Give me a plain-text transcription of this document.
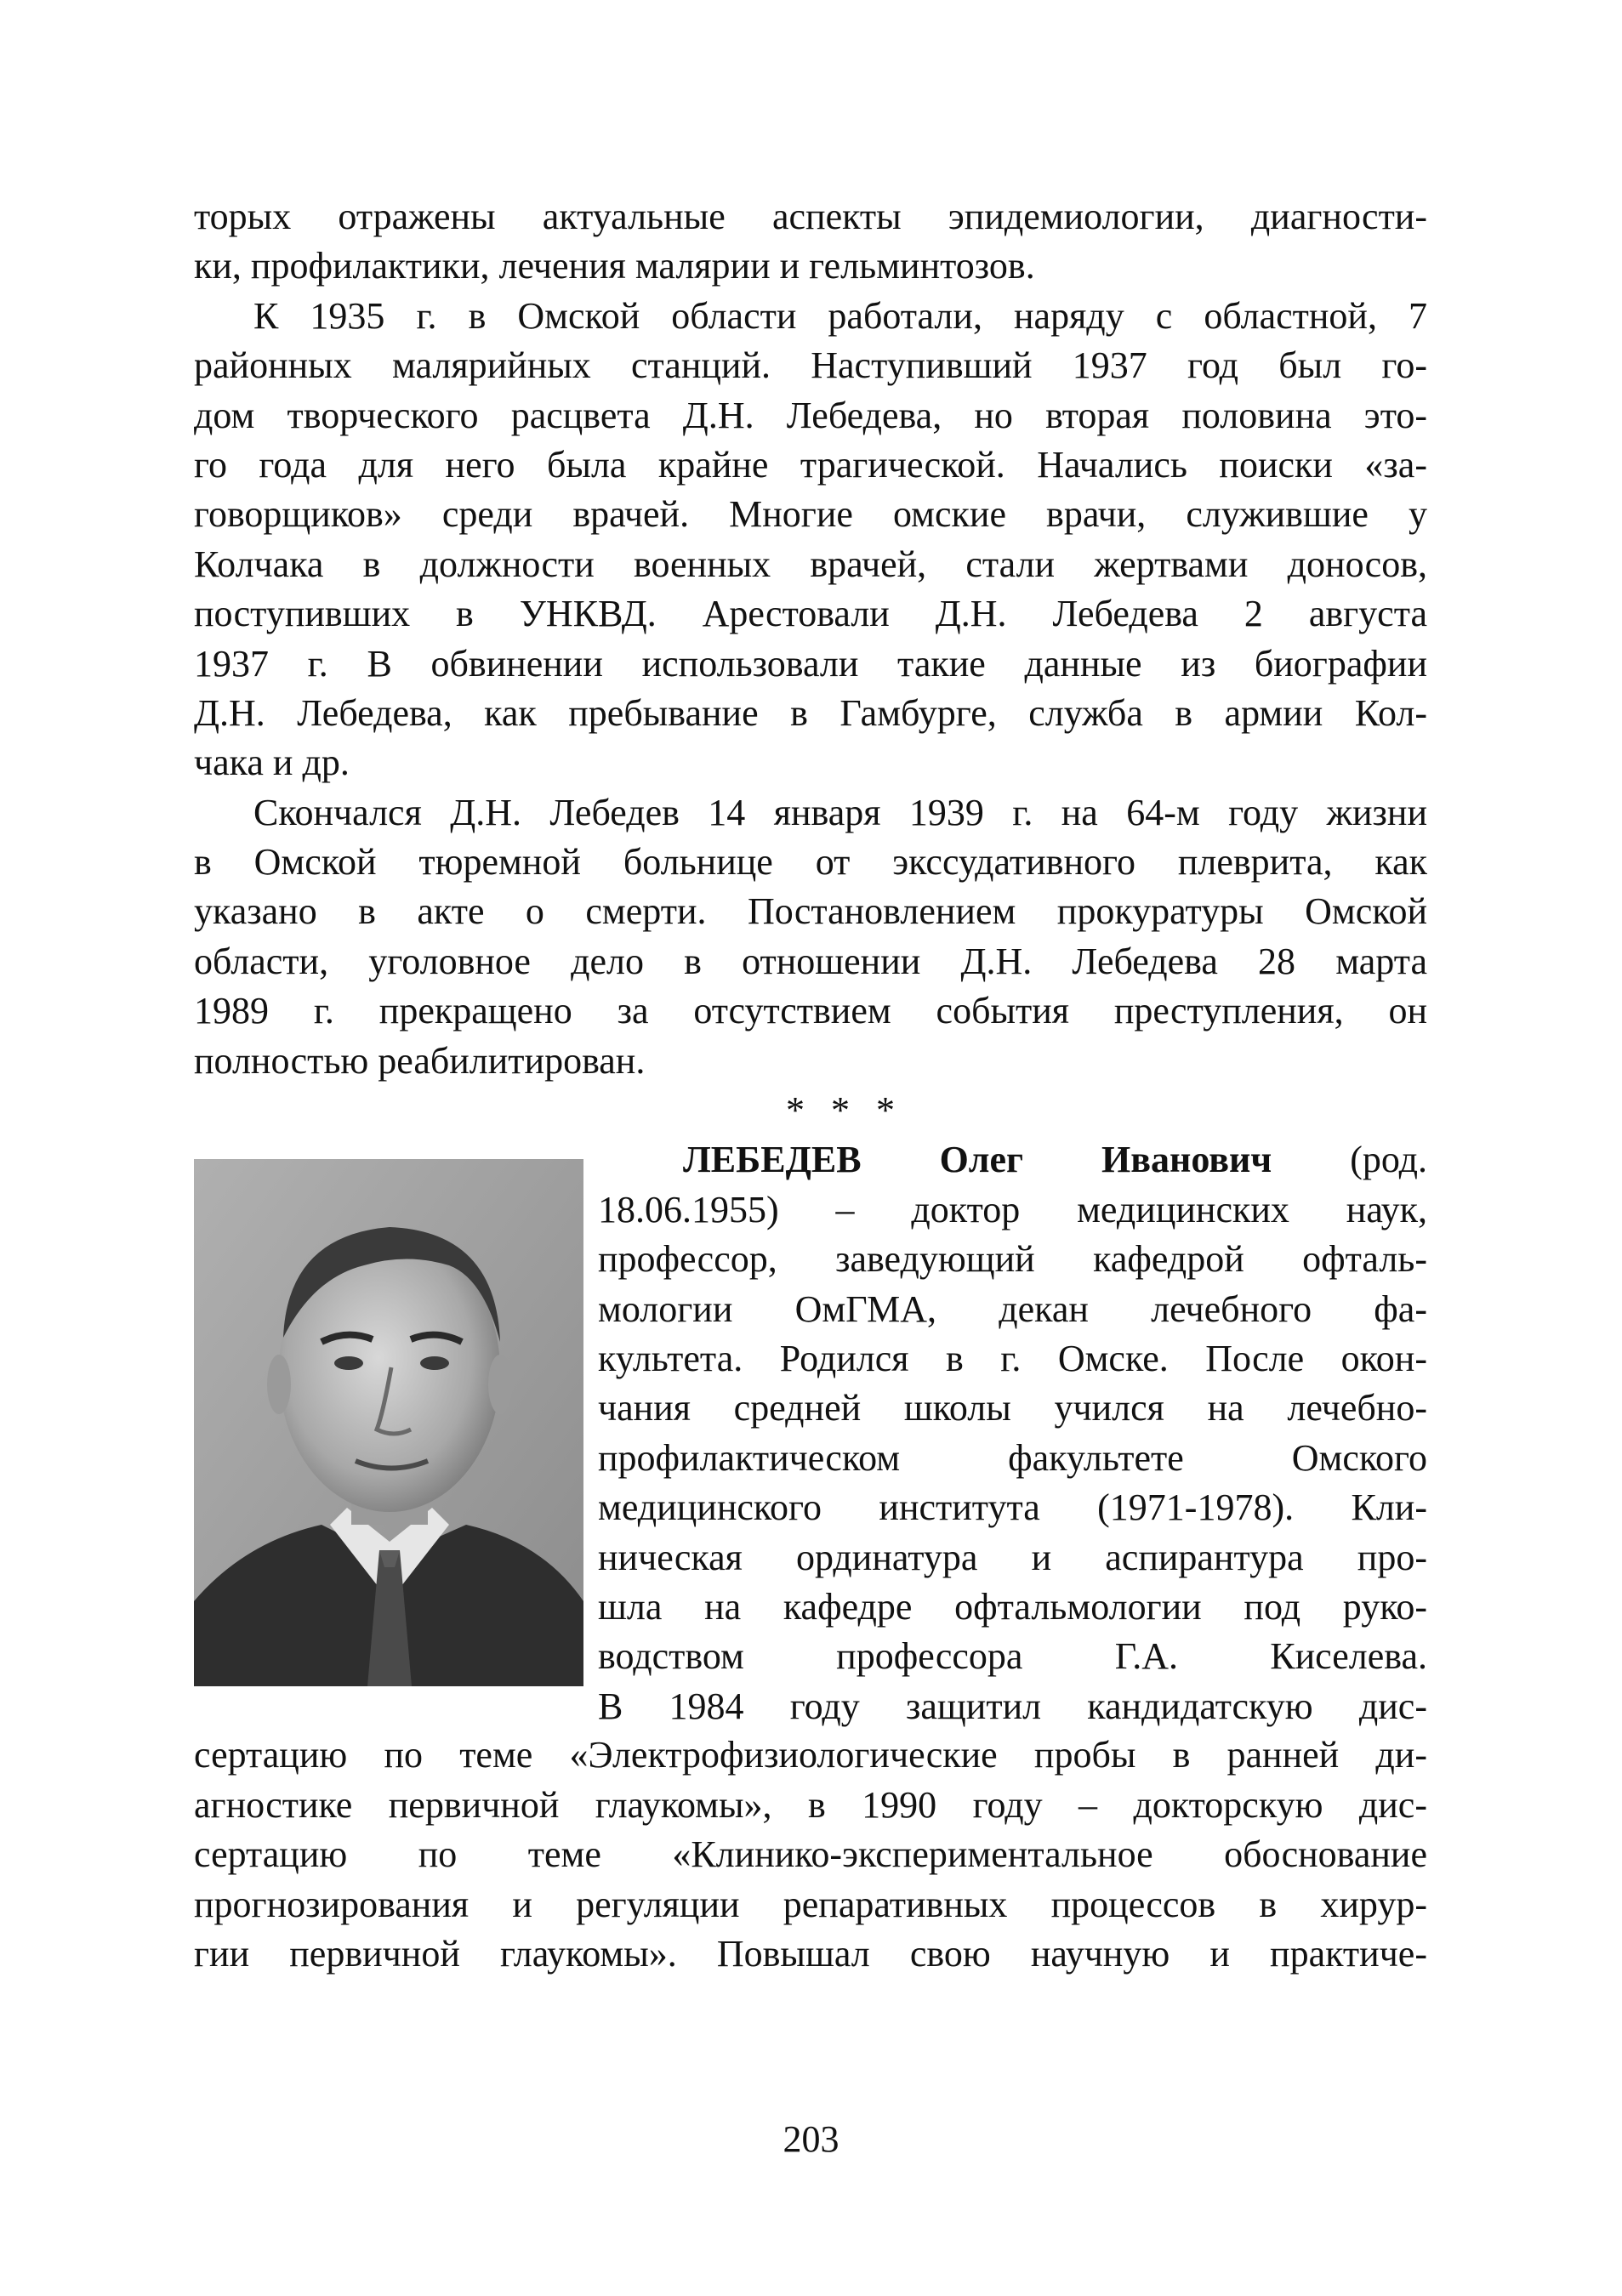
торых отражены актуальные аспекты эпидемиологии, диагности-
ки, профилактики, лечения малярии и гельминтозов.
К 1935 г. в Омской области работали, наряду с областной, 7
районных малярийных станций. Наступивший 1937 год был го-
дом творческого расцвета Д.Н. Лебедева, но вторая половина это-
го года для него была крайне трагической. Начались поиски «за-
говорщиков» среди врачей. Многие омские врачи, служившие у
Колчака в должности военных врачей, стали жертвами доносов,
поступивших в УНКВД. Арестовали Д.Н. Лебедева 2 августа
1937 г. В обвинении использовали такие данные из биографии
Д.Н. Лебедева, как пребывание в Гамбурге, служба в армии Кол-
чака и др.
Скончался Д.Н. Лебедев 14 января 1939 г. на 64-м году жизни
в Омской тюремной больнице от экссудативного плеврита, как
указано в акте о смерти. Постановлением прокуратуры Омской
области, уголовное дело в отношении Д.Н. Лебедева 28 марта
1989 г. прекращено за отсутствием события преступления, он
полностью реабилитирован.
* * *
ЛЕБЕДЕВ Олег Иванович (род.
18.06.1955) – доктор медицинских наук,
профессор, заведующий кафедрой офталь-
мологии ОмГМА, декан лечебного фа-
культета. Родился в г. Омске. После окон-
чания средней школы учился на лечебно-
профилактическом факультете Омского
медицинского института (1971-1978). Кли-
ническая ординатура и аспирантура про-
шла на кафедре офтальмологии под руко-
водством профессора Г.А. Киселева.
В 1984 году защитил кандидатскую дис-
сертацию по теме «Электрофизиологические пробы в ранней ди-
агностике первичной глаукомы», в 1990 году – докторскую дис-
сертацию по теме «Клинико-экспериментальное обоснование
прогнозирования и регуляции репаративных процессов в хирур-
гии первичной глаукомы». Повышал свою научную и практиче-
203
